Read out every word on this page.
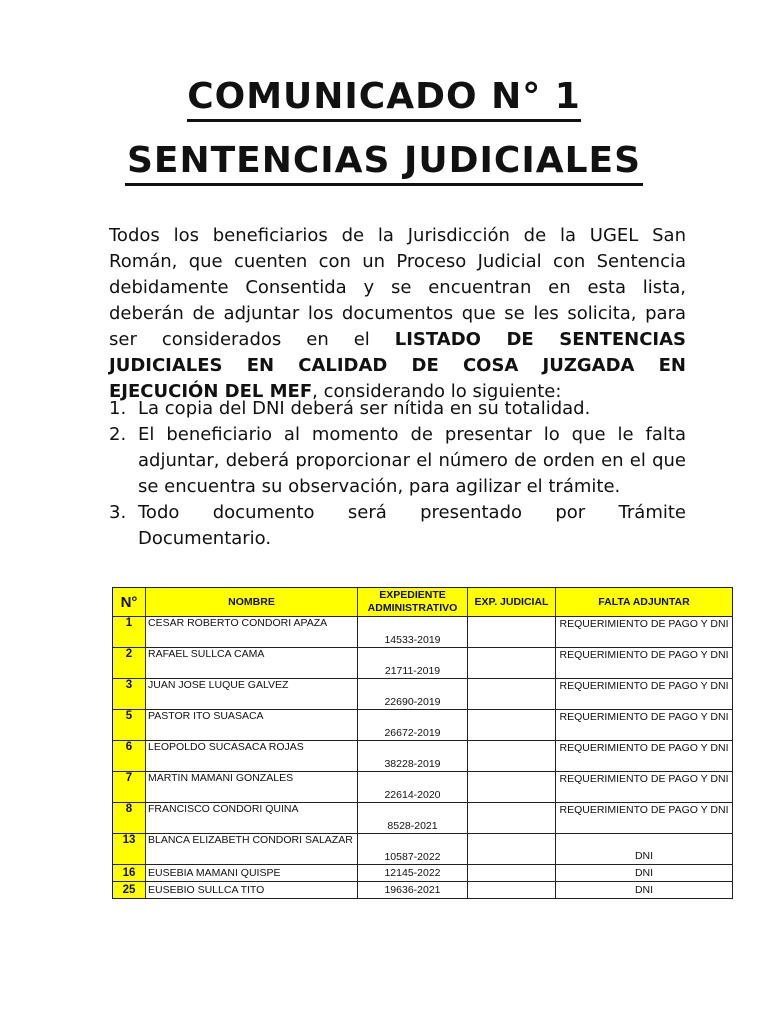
COMUNICADO N° 1
SENTENCIAS JUDICIALES

Todos los beneficiarios de la Jurisdicción de la UGEL San Román, que cuenten con un Proceso Judicial con Sentencia debidamente Consentida y se encuentran en esta lista, deberán de adjuntar los documentos que se les solicita, para ser considerados en el LISTADO DE SENTENCIAS JUDICIALES EN CALIDAD DE COSA JUZGADA EN EJECUCIÓN DEL MEF, considerando lo siguiente:

1. La copia del DNI deberá ser nítida en su totalidad.
2. El beneficiario al momento de presentar lo que le falta adjuntar, deberá proporcionar el número de orden en el que se encuentra su observación, para agilizar el trámite.
3. Todo documento será presentado por Trámite Documentario.
N°	NOMBRE	EXPEDIENTE ADMINISTRATIVO	EXP. JUDICIAL	FALTA ADJUNTAR
1	CESAR ROBERTO CONDORI APAZA	14533-2019		REQUERIMIENTO DE PAGO Y DNI
2	RAFAEL SULLCA CAMA	21711-2019		REQUERIMIENTO DE PAGO Y DNI
3	JUAN JOSE LUQUE GALVEZ	22690-2019		REQUERIMIENTO DE PAGO Y DNI
5	PASTOR ITO SUASACA	26672-2019		REQUERIMIENTO DE PAGO Y DNI
6	LEOPOLDO SUCASACA ROJAS	38228-2019		REQUERIMIENTO DE PAGO Y DNI
7	MARTIN MAMANI GONZALES	22614-2020		REQUERIMIENTO DE PAGO Y DNI
8	FRANCISCO CONDORI QUINA	8528-2021		REQUERIMIENTO DE PAGO Y DNI
13	BLANCA ELIZABETH CONDORI SALAZAR	10587-2022		DNI
16	EUSEBIA MAMANI QUISPE	12145-2022		DNI
25	EUSEBIO SULLCA TITO	19636-2021		DNI
